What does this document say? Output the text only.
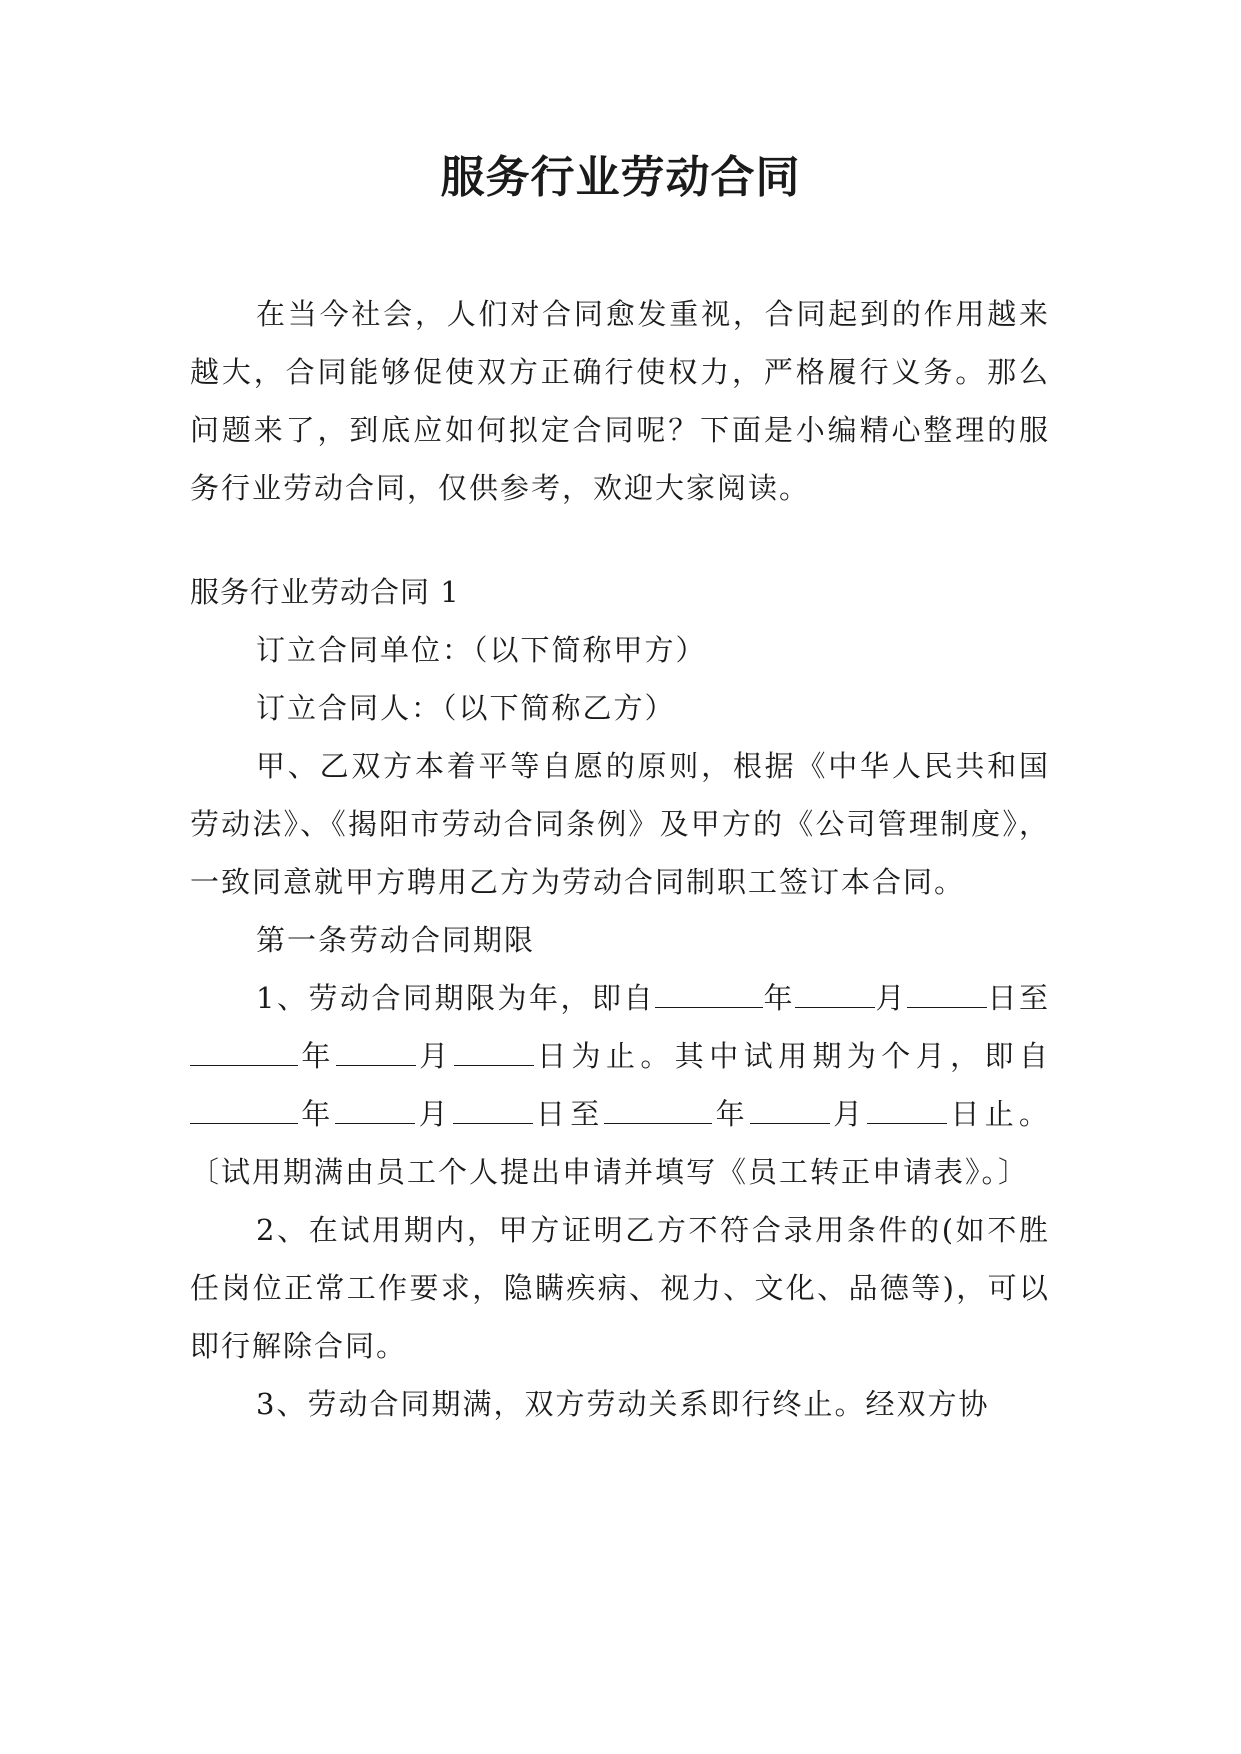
服务行业劳动合同

在当今社会，人们对合同愈发重视，合同起到的作用越来越大，合同能够促使双方正确行使权力，严格履行义务。那么问题来了，到底应如何拟定合同呢？下面是小编精心整理的服务行业劳动合同，仅供参考，欢迎大家阅读。

服务行业劳动合同 1

订立合同单位：（以下简称甲方）

订立合同人：（以下简称乙方）

甲、乙双方本着平等自愿的原则，根据《中华人民共和国劳动法》、《揭阳市劳动合同条例》及甲方的《公司管理制度》，一致同意就甲方聘用乙方为劳动合同制职工签订本合同。

第一条劳动合同期限

1、劳动合同期限为年，即自	年	月	日至年	月	日为止。其中试用期为个月，即自年	月	日至	年	月	日止。〔试用期满由员工个人提出申请并填写《员工转正申请表》。〕

2、在试用期内，甲方证明乙方不符合录用条件的(如不胜任岗位正常工作要求，隐瞒疾病、视力、文化、品德等)，可以即行解除合同。

3、劳动合同期满，双方劳动关系即行终止。经双方协
